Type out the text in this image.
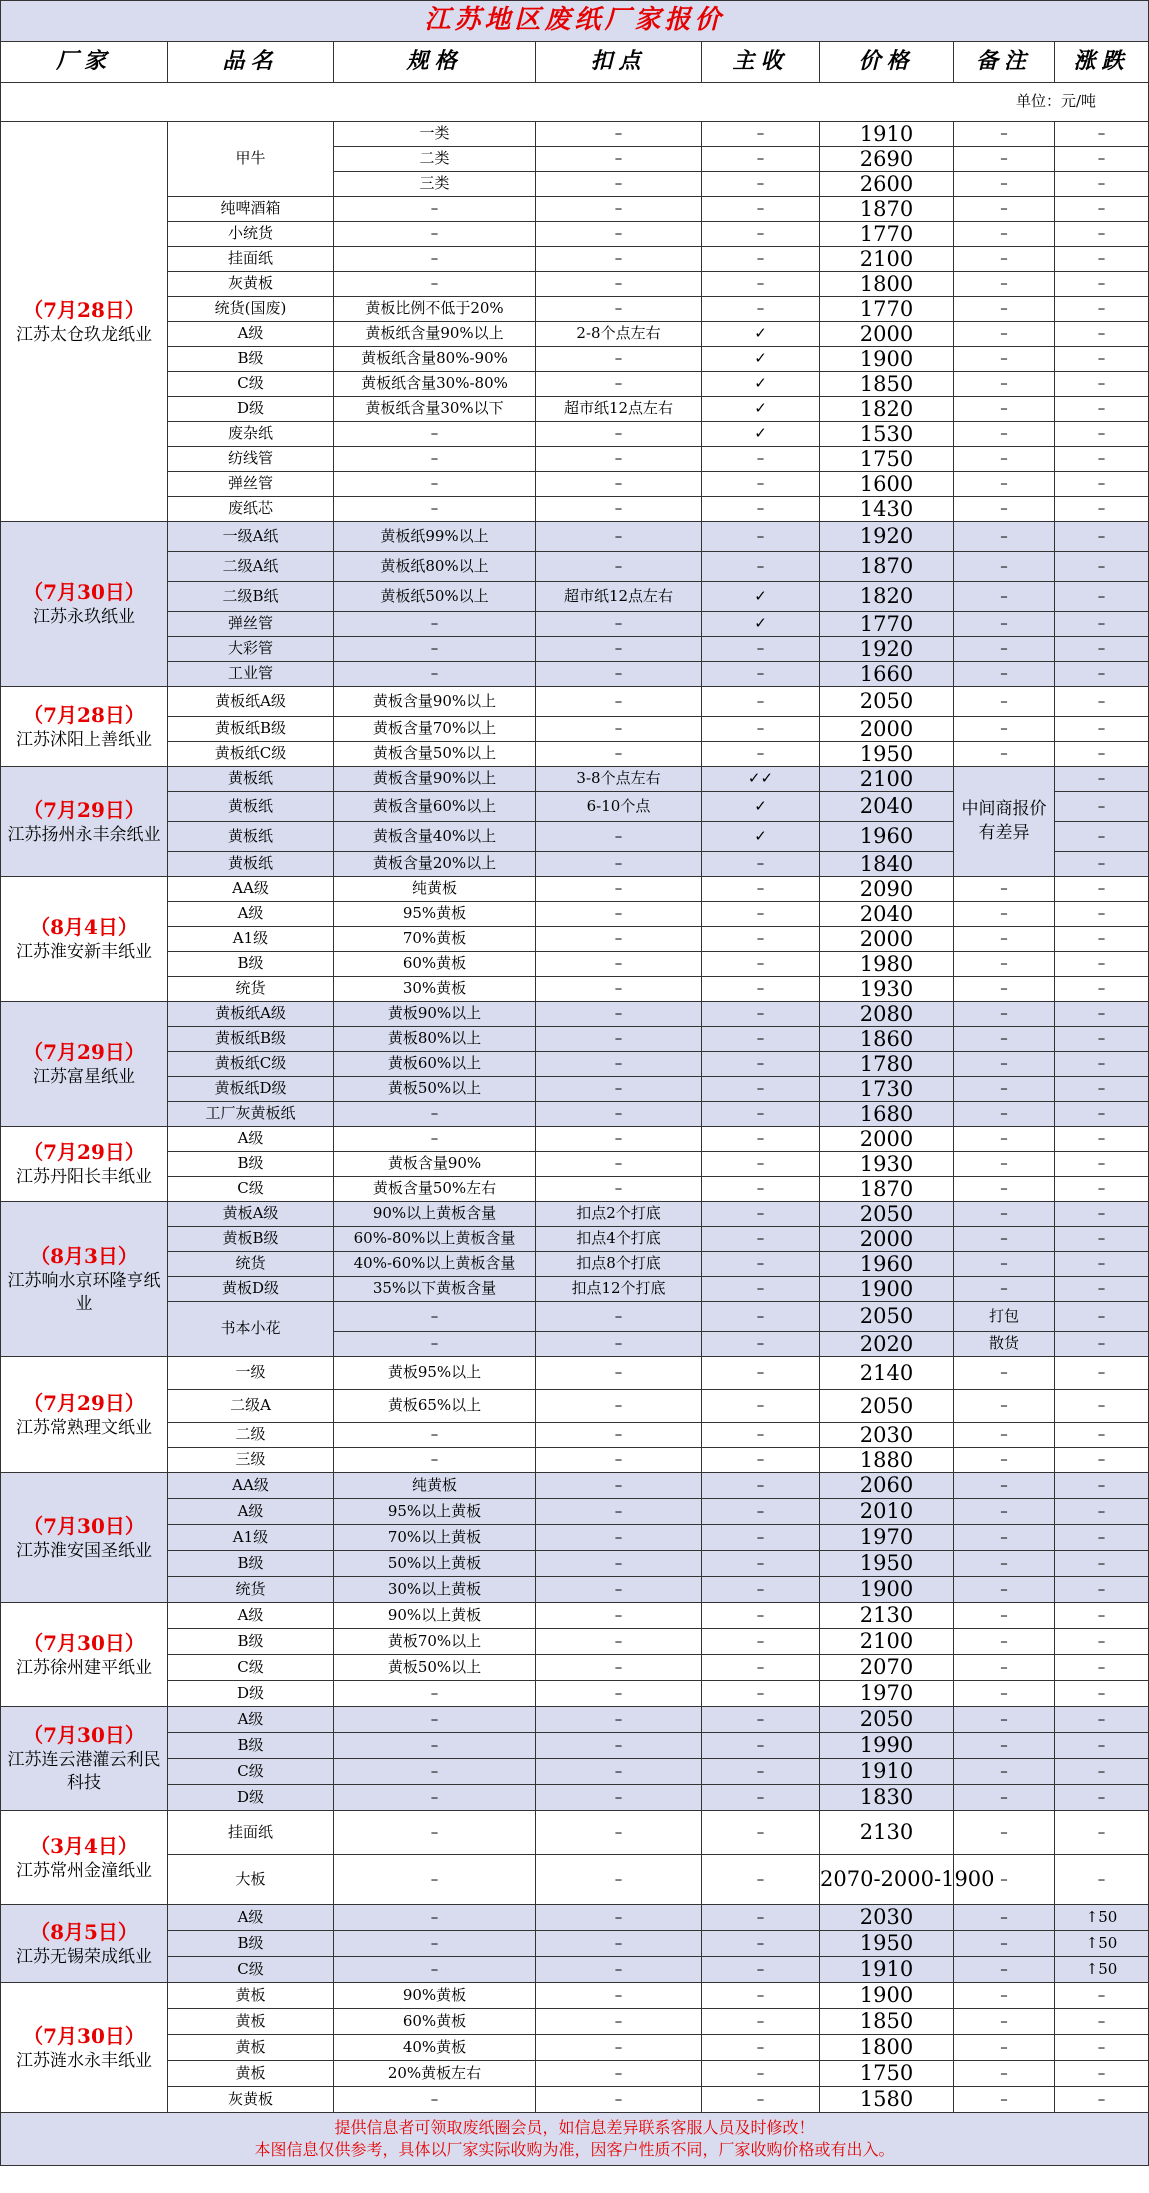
江苏地区废纸厂家报价							
厂家	品名	规格	扣点	主收	价格	备注	涨跌
单位：元/吨							

（7月28日）
江苏太仓玖龙纸业	甲牛	一类	–	–	1910	–	–
		二类	–	–	2690	–	–
		三类	–	–	2600	–	–
	纯啤酒箱	–	–	–	1870	–	–
	小统货	–	–	–	1770	–	–
	挂面纸	–	–	–	2100	–	–
	灰黄板	–	–	–	1800	–	–
	统货(国废)	黄板比例不低于20%	–	–	1770	–	–
	A级	黄板纸含量90%以上	2-8个点左右	✓	2000	–	–
	B级	黄板纸含量80%-90%	–	✓	1900	–	–
	C级	黄板纸含量30%-80%	–	✓	1850	–	–
	D级	黄板纸含量30%以下	超市纸12点左右	✓	1820	–	–
	废杂纸	–	–	✓	1530	–	–
	纺线管	–	–	–	1750	–	–
	弹丝管	–	–	–	1600	–	–
	废纸芯	–	–	–	1430	–	–

（7月30日）
江苏永玖纸业	一级A纸	黄板纸99%以上	–	–	1920	–	–
	二级A纸	黄板纸80%以上	–	–	1870	–	–
	二级B纸	黄板纸50%以上	超市纸12点左右	✓	1820	–	–
	弹丝管	–	–	✓	1770	–	–
	大彩管	–	–	–	1920	–	–
	工业管	–	–	–	1660	–	–

（7月28日）
江苏沭阳上善纸业	黄板纸A级	黄板含量90%以上	–	–	2050	–	–
	黄板纸B级	黄板含量70%以上	–	–	2000	–	–
	黄板纸C级	黄板含量50%以上	–	–	1950	–	–

（7月29日）
江苏扬州永丰余纸业	黄板纸	黄板含量90%以上	3-8个点左右	✓✓	2100	中间商报价有差异	–
	黄板纸	黄板含量60%以上	6-10个点	✓	2040		–
	黄板纸	黄板含量40%以上	–	✓	1960		–
	黄板纸	黄板含量20%以上	–	–	1840		–

（8月4日）
江苏淮安新丰纸业	AA级	纯黄板	–	–	2090	–	–
	A级	95%黄板	–	–	2040	–	–
	A1级	70%黄板	–	–	2000	–	–
	B级	60%黄板	–	–	1980	–	–
	统货	30%黄板	–	–	1930	–	–

（7月29日）
江苏富星纸业	黄板纸A级	黄板90%以上	–	–	2080	–	–
	黄板纸B级	黄板80%以上	–	–	1860	–	–
	黄板纸C级	黄板60%以上	–	–	1780	–	–
	黄板纸D级	黄板50%以上	–	–	1730	–	–
	工厂灰黄板纸	–	–	–	1680	–	–

（7月29日）
江苏丹阳长丰纸业	A级	–	–	–	2000	–	–
	B级	黄板含量90%	–	–	1930	–	–
	C级	黄板含量50%左右	–	–	1870	–	–

（8月3日）
江苏响水京环隆亨纸业	黄板A级	90%以上黄板含量	扣点2个打底	–	2050	–	–
	黄板B级	60%-80%以上黄板含量	扣点4个打底	–	2000	–	–
	统货	40%-60%以上黄板含量	扣点8个打底	–	1960	–	–
	黄板D级	35%以下黄板含量	扣点12个打底	–	1900	–	–
	书本小花	–	–	–	2050	打包	–
		–	–	–	2020	散货	–

（7月29日）
江苏常熟理文纸业	一级	黄板95%以上	–	–	2140	–	–
	二级A	黄板65%以上	–	–	2050	–	–
	二级	–	–	–	2030	–	–
	三级	–	–	–	1880	–	–

（7月30日）
江苏淮安国圣纸业	AA级	纯黄板	–	–	2060	–	–
	A级	95%以上黄板	–	–	2010	–	–
	A1级	70%以上黄板	–	–	1970	–	–
	B级	50%以上黄板	–	–	1950	–	–
	统货	30%以上黄板	–	–	1900	–	–

（7月30日）
江苏徐州建平纸业	A级	90%以上黄板	–	–	2130	–	–
	B级	黄板70%以上	–	–	2100	–	–
	C级	黄板50%以上	–	–	2070	–	–
	D级	–	–	–	1970	–	–

（7月30日）
江苏连云港灌云利民科技	A级	–	–	–	2050	–	–
	B级	–	–	–	1990	–	–
	C级	–	–	–	1910	–	–
	D级	–	–	–	1830	–	–

（3月4日）
江苏常州金潼纸业	挂面纸	–	–	–	2130	–	–
	大板	–	–	–	2070-2000-1900	–	–

（8月5日）
江苏无锡荣成纸业	A级	–	–	–	2030	–	↑50
	B级	–	–	–	1950	–	↑50
	C级	–	–	–	1910	–	↑50

（7月30日）
江苏涟水永丰纸业	黄板	90%黄板	–	–	1900	–	–
	黄板	60%黄板	–	–	1850	–	–
	黄板	40%黄板	–	–	1800	–	–
	黄板	20%黄板左右	–	–	1750	–	–
	灰黄板	–	–	–	1580	–	–

提供信息者可领取废纸圈会员，如信息差异联系客服人员及时修改！
本图信息仅供参考，具体以厂家实际收购为准，因客户性质不同，厂家收购价格或有出入。							
